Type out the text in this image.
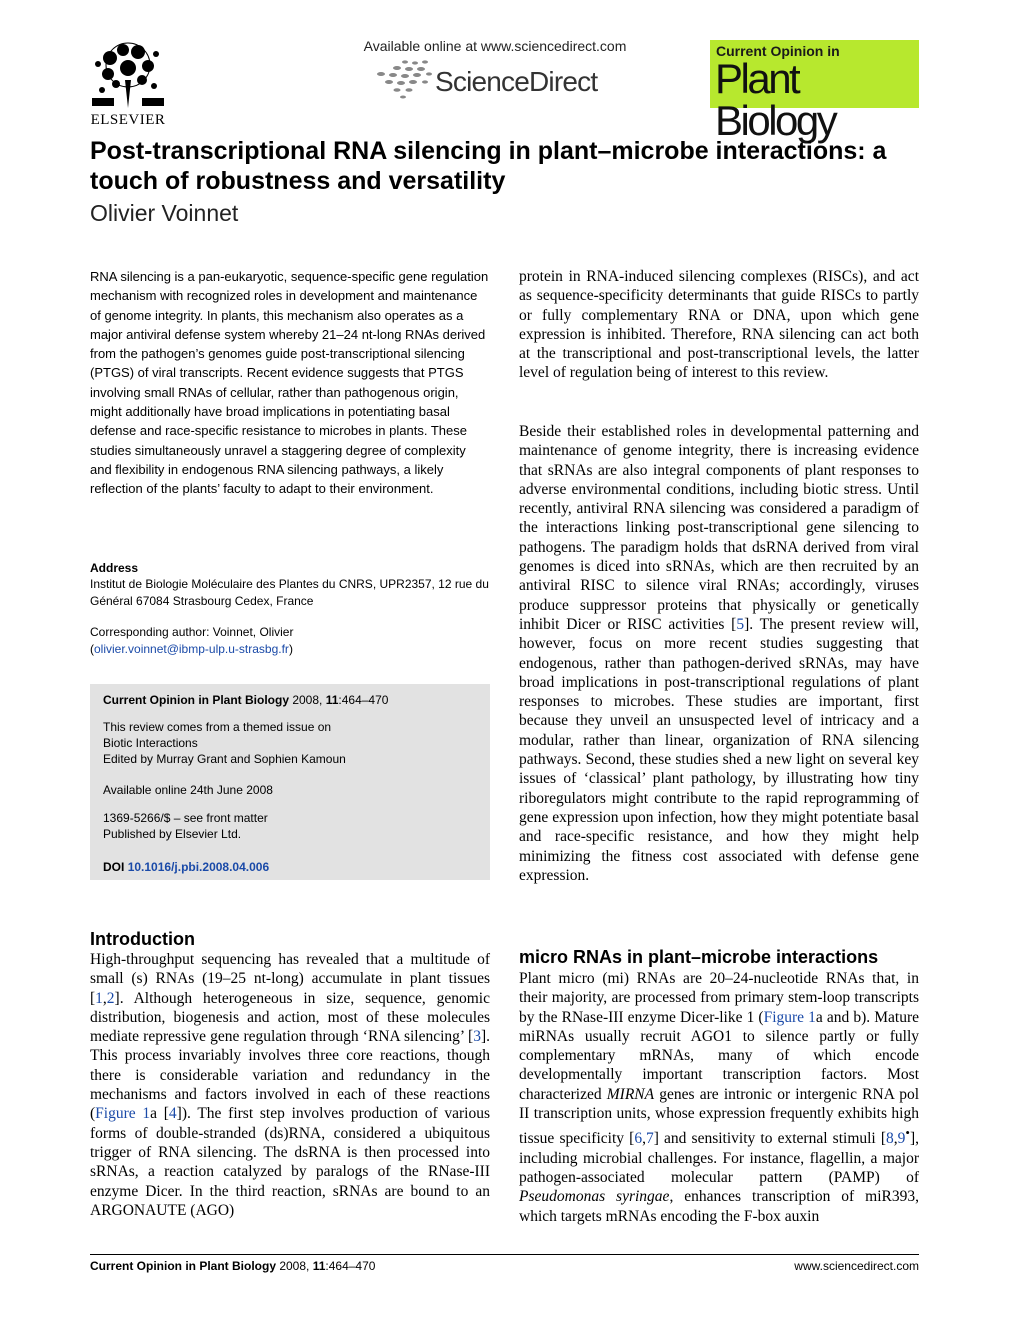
ELSEVIER
Available online at www.sciencedirect.com
ScienceDirect
Current Opinion in
Plant Biology
Post-transcriptional RNA silencing in plant–microbe interactions: a touch of robustness and versatility
Olivier Voinnet
RNA silencing is a pan-eukaryotic, sequence-specific gene regulation mechanism with recognized roles in development and maintenance of genome integrity. In plants, this mechanism also operates as a major antiviral defense system whereby 21–24 nt-long RNAs derived from the pathogen’s genomes guide post-transcriptional silencing (PTGS) of viral transcripts. Recent evidence suggests that PTGS involving small RNAs of cellular, rather than pathogenous origin, might additionally have broad implications in potentiating basal defense and race-specific resistance to microbes in plants. These studies simultaneously unravel a staggering degree of complexity and flexibility in endogenous RNA silencing pathways, a likely reflection of the plants’ faculty to adapt to their environment.
Address
Institut de Biologie Moléculaire des Plantes du CNRS, UPR2357, 12 rue du Général 67084 Strasbourg Cedex, France
Corresponding author: Voinnet, Olivier
(olivier.voinnet@ibmp-ulp.u-strasbg.fr)
Current Opinion in Plant Biology 2008, 11:464–470
This review comes from a themed issue on
Biotic Interactions
Edited by Murray Grant and Sophien Kamoun
Available online 24th June 2008
1369-5266/$ – see front matter
Published by Elsevier Ltd.
DOI 10.1016/j.pbi.2008.04.006
Introduction
High-throughput sequencing has revealed that a multitude of small (s) RNAs (19–25 nt-long) accumulate in plant tissues [1,2]. Although heterogeneous in size, sequence, genomic distribution, biogenesis and action, most of these molecules mediate repressive gene regulation through ‘RNA silencing’ [3]. This process invariably involves three core reactions, though there is considerable variation and redundancy in the mechanisms and factors involved in each of these reactions (Figure 1a [4]). The first step involves production of various forms of double-stranded (ds)RNA, considered a ubiquitous trigger of RNA silencing. The dsRNA is then processed into sRNAs, a reaction catalyzed by paralogs of the RNase-III enzyme Dicer. In the third reaction, sRNAs are bound to an ARGONAUTE (AGO)
protein in RNA-induced silencing complexes (RISCs), and act as sequence-specificity determinants that guide RISCs to partly or fully complementary RNA or DNA, upon which gene expression is inhibited. Therefore, RNA silencing can act both at the transcriptional and post-transcriptional levels, the latter level of regulation being of interest to this review.
Beside their established roles in developmental patterning and maintenance of genome integrity, there is increasing evidence that sRNAs are also integral components of plant responses to adverse environmental conditions, including biotic stress. Until recently, antiviral RNA silencing was considered a paradigm of the interactions linking post-transcriptional gene silencing to pathogens. The paradigm holds that dsRNA derived from viral genomes is diced into sRNAs, which are then recruited by an antiviral RISC to silence viral RNAs; accordingly, viruses produce suppressor proteins that physically or genetically inhibit Dicer or RISC activities [5]. The present review will, however, focus on more recent studies suggesting that endogenous, rather than pathogen-derived sRNAs, may have broad implications in post-transcriptional regulations of plant responses to microbes. These studies are important, first because they unveil an unsuspected level of intricacy and a modular, rather than linear, organization of RNA silencing pathways. Second, these studies shed a new light on several key issues of ‘classical’ plant pathology, by illustrating how tiny riboregulators might contribute to the rapid reprogramming of gene expression upon infection, how they might potentiate basal and race-specific resistance, and how they might help minimizing the fitness cost associated with defense gene expression.
micro RNAs in plant–microbe interactions
Plant micro (mi) RNAs are 20–24-nucleotide RNAs that, in their majority, are processed from primary stem-loop transcripts by the RNase-III enzyme Dicer-like 1 (Figure 1a and b). Mature miRNAs usually recruit AGO1 to silence partly or fully complementary mRNAs, many of which encode developmentally important transcription factors. Most characterized MIRNA genes are intronic or intergenic RNA pol II transcription units, whose expression frequently exhibits high tissue specificity [6,7] and sensitivity to external stimuli [8,9•], including microbial challenges. For instance, flagellin, a major pathogen-associated molecular pattern (PAMP) of Pseudomonas syringae, enhances transcription of miR393, which targets mRNAs encoding the F-box auxin
Current Opinion in Plant Biology 2008, 11:464–470	www.sciencedirect.com
